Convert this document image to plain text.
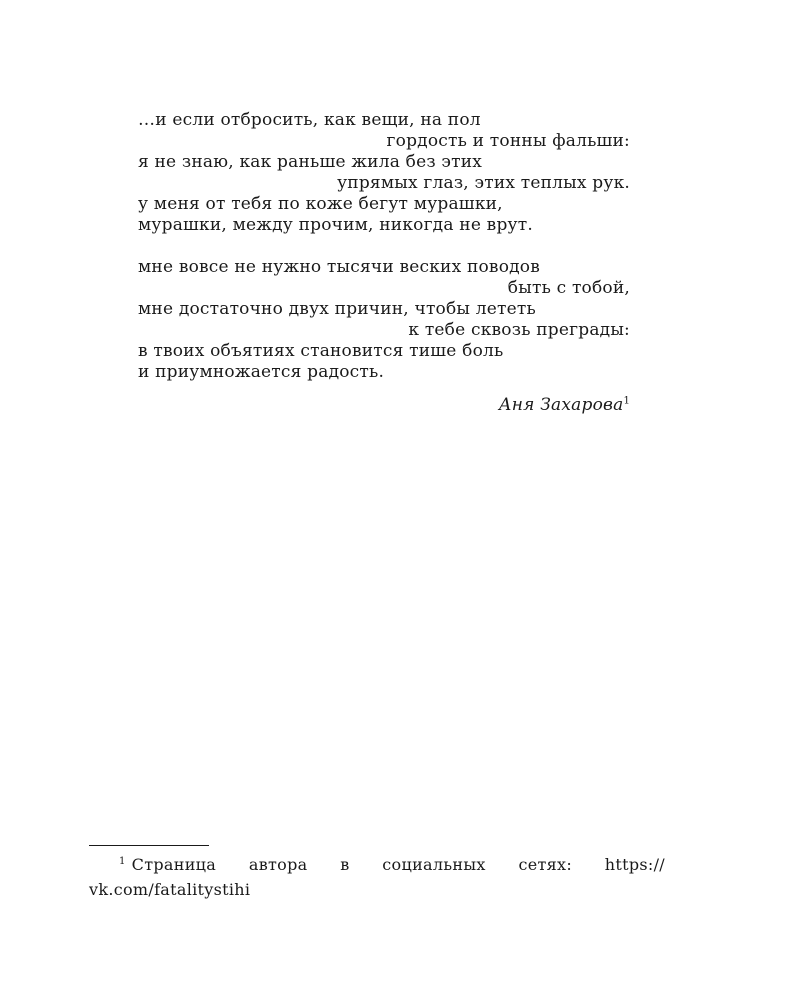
…и если отбросить, как вещи, на пол
гордость и тонны фальши:
я не знаю, как раньше жила без этих
упрямых глаз, этих теплых рук.
у меня от тебя по коже бегут мурашки,
мурашки, между прочим, никогда не врут.
мне вовсе не нужно тысячи веских поводов
быть с тобой,
мне достаточно двух причин, чтобы лететь
к тебе сквозь преграды:
в твоих объятиях становится тише боль
и приумножается радость.
Аня Захарова$^1$
$^1$ Страница автора в социальных сетях: https://
vk.com/fatalitystihi
